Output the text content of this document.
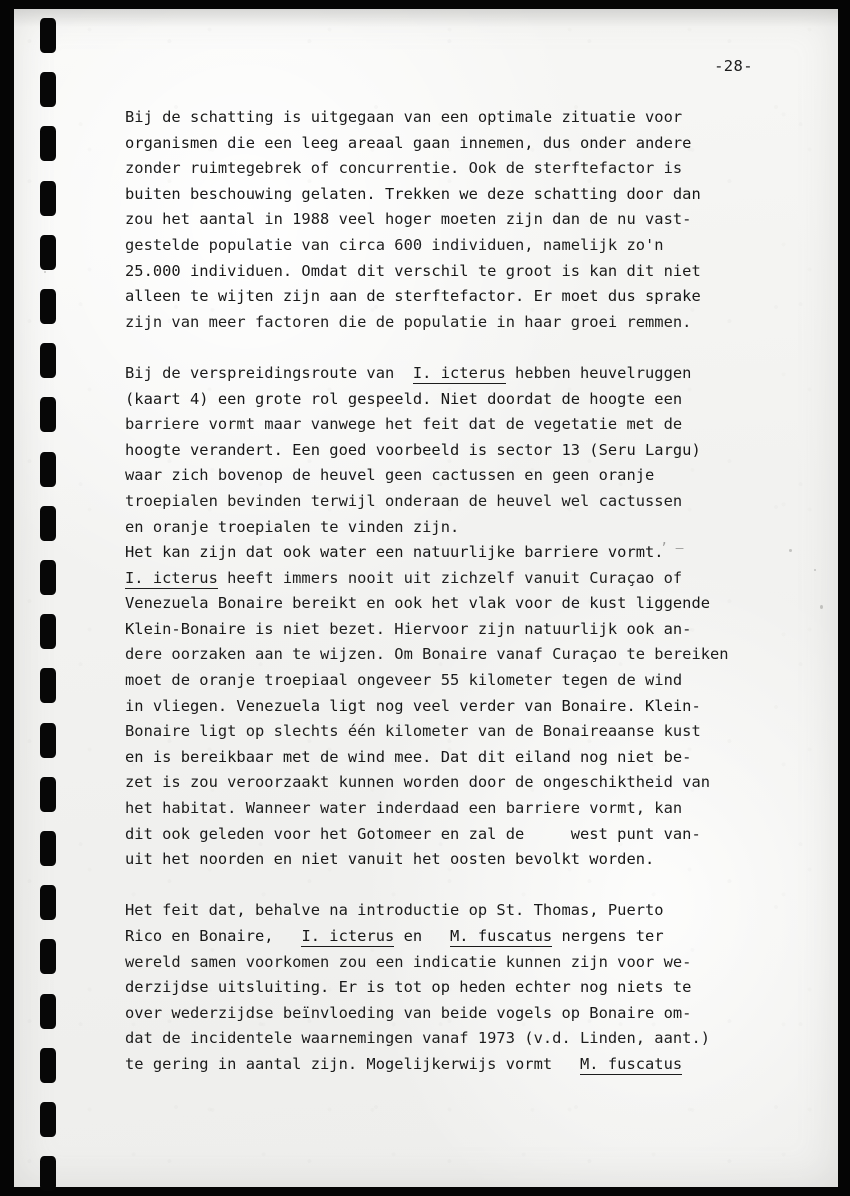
-28-
Bij de schatting is uitgegaan van een optimale zituatie voor
organismen die een leeg areaal gaan innemen, dus onder andere
zonder ruimtegebrek of concurrentie. Ook de sterftefactor is
buiten beschouwing gelaten. Trekken we deze schatting door dan
zou het aantal in 1988 veel hoger moeten zijn dan de nu vast-
gestelde populatie van circa 600 individuen, namelijk zo'n
25.000 individuen. Omdat dit verschil te groot is kan dit niet
alleen te wijten zijn aan de sterftefactor. Er moet dus sprake
zijn van meer factoren die de populatie in haar groei remmen.
Bij de verspreidingsroute van  I. icterus hebben heuvelruggen
(kaart 4) een grote rol gespeeld. Niet doordat de hoogte een
barriere vormt maar vanwege het feit dat de vegetatie met de
hoogte verandert. Een goed voorbeeld is sector 13 (Seru Largu)
waar zich bovenop de heuvel geen cactussen en geen oranje
troepialen bevinden terwijl onderaan de heuvel wel cactussen
en oranje troepialen te vinden zijn.
Het kan zijn dat ook water een natuurlijke barriere vormt.
I. icterus heeft immers nooit uit zichzelf vanuit Curaçao of
Venezuela Bonaire bereikt en ook het vlak voor de kust liggende
Klein-Bonaire is niet bezet. Hiervoor zijn natuurlijk ook an-
dere oorzaken aan te wijzen. Om Bonaire vanaf Curaçao te bereiken
moet de oranje troepiaal ongeveer 55 kilometer tegen de wind
in vliegen. Venezuela ligt nog veel verder van Bonaire. Klein-
Bonaire ligt op slechts één kilometer van de Bonaireaanse kust
en is bereikbaar met de wind mee. Dat dit eiland nog niet be-
zet is zou veroorzaakt kunnen worden door de ongeschiktheid van
het habitat. Wanneer water inderdaad een barriere vormt, kan
dit ook geleden voor het Gotomeer en zal de     west punt van-
uit het noorden en niet vanuit het oosten bevolkt worden.
Het feit dat, behalve na introductie op St. Thomas, Puerto
Rico en Bonaire,   I. icterus en   M. fuscatus nergens ter
wereld samen voorkomen zou een indicatie kunnen zijn voor we-
derzijdse uitsluiting. Er is tot op heden echter nog niets te
over wederzijdse beïnvloeding van beide vogels op Bonaire om-
dat de incidentele waarnemingen vanaf 1973 (v.d. Linden, aant.)
te gering in aantal zijn. Mogelijkerwijs vormt   M. fuscatus
’ –
